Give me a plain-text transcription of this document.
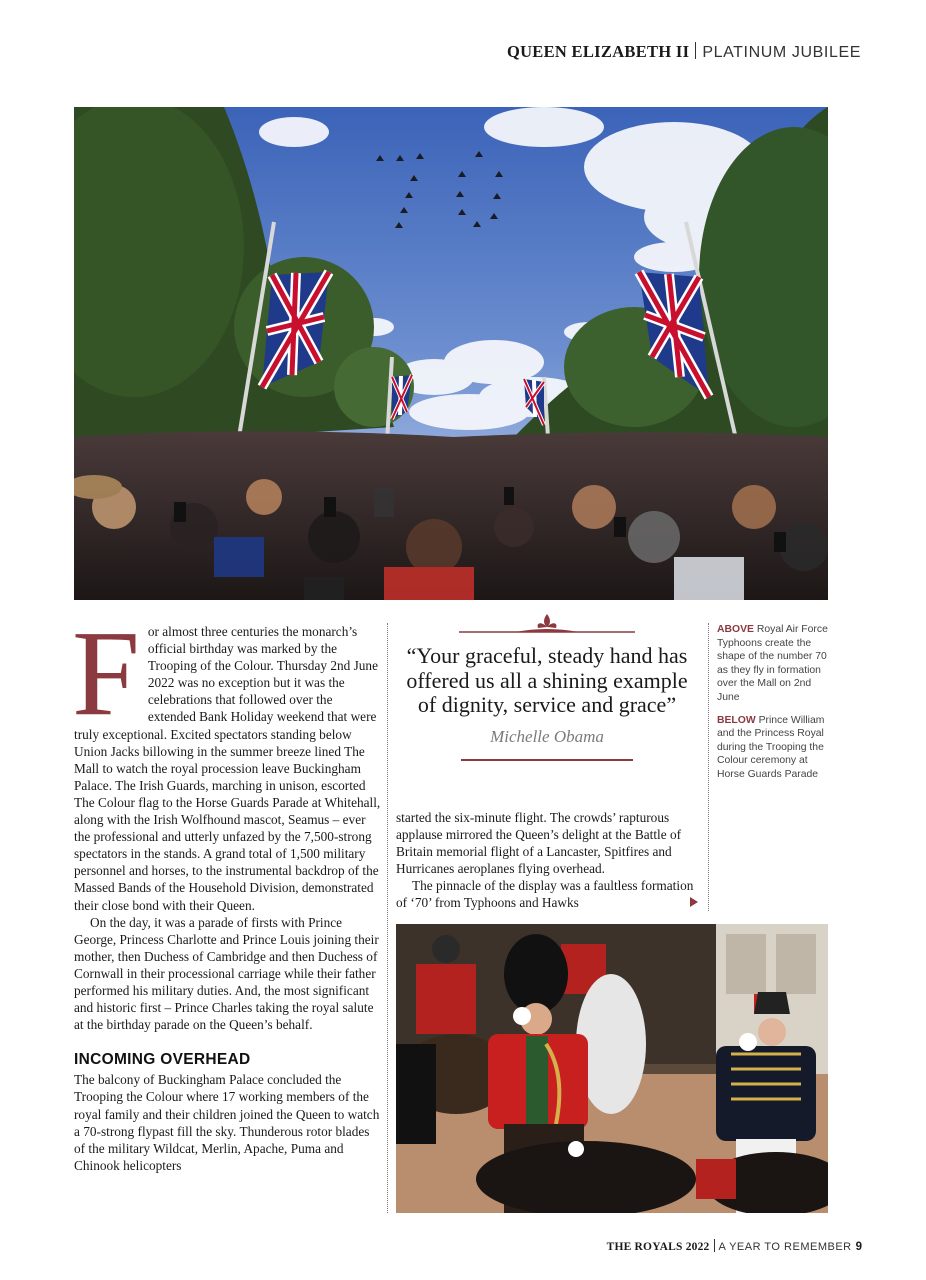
QUEEN ELIZABETH II PLATINUM JUBILEE
F or almost three centuries the monarch’s official birthday was marked by the Trooping of the Colour. Thursday 2nd June 2022 was no exception but it was the celebrations that followed over the extended Bank Holiday weekend that were truly exceptional. Excited spectators standing below Union Jacks billowing in the summer breeze lined The Mall to watch the royal procession leave Buckingham Palace. The Irish Guards, marching in unison, escorted The Colour flag to the Horse Guards Parade at Whitehall, along with the Irish Wolfhound mascot, Seamus – ever the professional and utterly unfazed by the 7,500-strong spectators in the stands. A grand total of 1,500 military personnel and horses, to the instrumental backdrop of the Massed Bands of the Household Division, demonstrated their close bond with their Queen.

On the day, it was a parade of firsts with Prince George, Princess Charlotte and Prince Louis joining their mother, then Duchess of Cambridge and then Duchess of Cornwall in their processional carriage while their father performed his military duties. And, the most significant and historic first – Prince Charles taking the royal salute at the birthday parade on the Queen’s behalf.

INCOMING OVERHEAD

The balcony of Buckingham Palace concluded the Trooping the Colour where 17 working members of the royal family and their children joined the Queen to watch a 70-strong flypast fill the sky. Thunderous rotor blades of the military Wildcat, Merlin, Apache, Puma and Chinook helicopters

“Your graceful, steady hand has offered us all a shining example of dignity, service and grace”
Michelle Obama

started the six-minute flight. The crowds’ rapturous applause mirrored the Queen’s delight at the Battle of Britain memorial flight of a Lancaster, Spitfires and Hurricanes aeroplanes flying overhead.

The pinnacle of the display was a faultless formation of ‘70’ from Typhoons and Hawks

ABOVE Royal Air Force Typhoons create the shape of the number 70 as they fly in formation over the Mall on 2nd June

BELOW Prince William and the Princess Royal during the Trooping the Colour ceremony at Horse Guards Parade

THE ROYALS 2022 A YEAR TO REMEMBER 9
